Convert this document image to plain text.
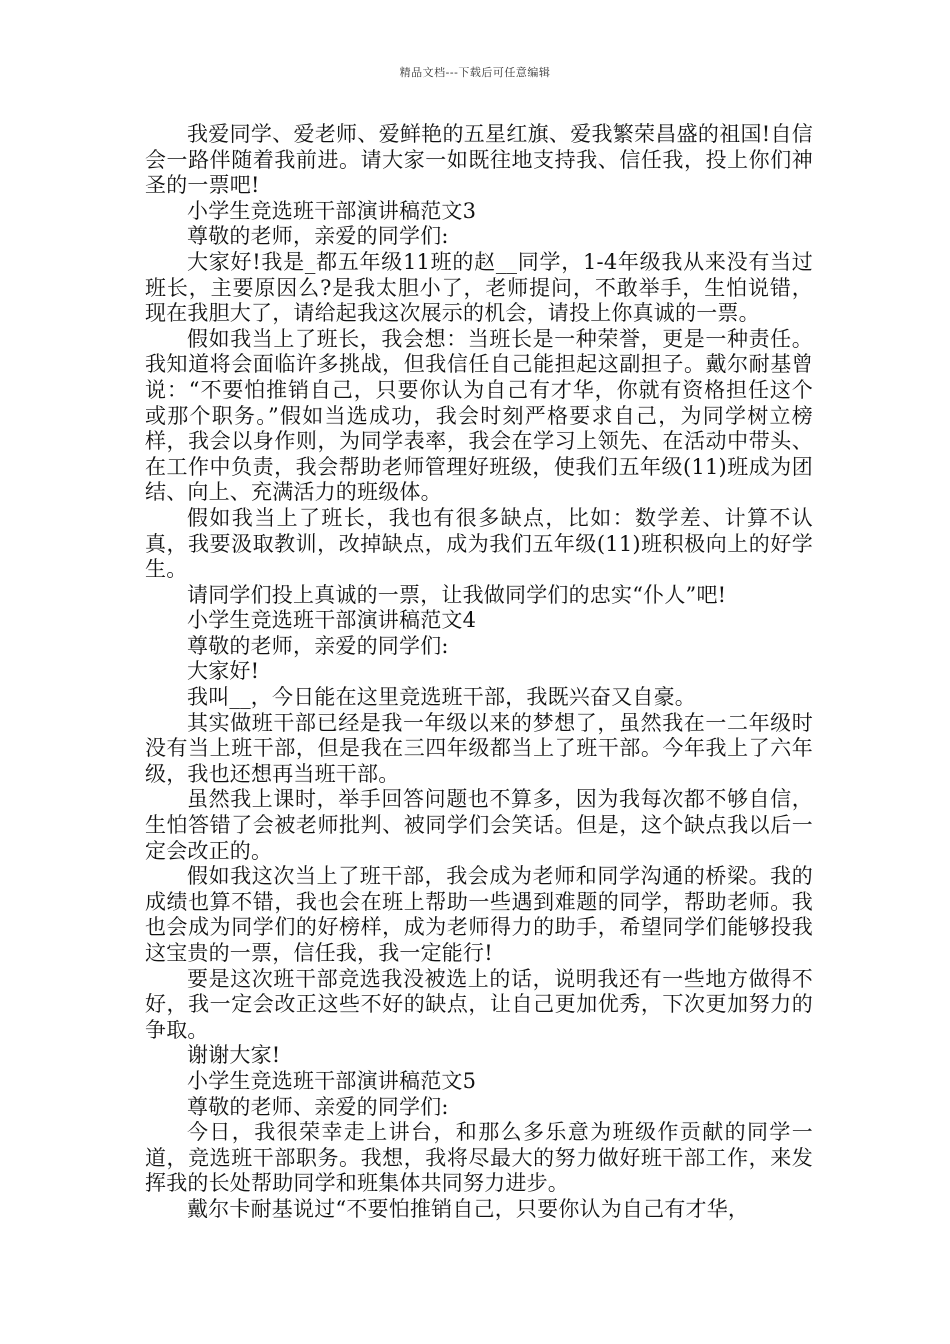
精品文档---下载后可任意编辑

我爱同学、爱老师、爱鲜艳的五星红旗、爱我繁荣昌盛的祖国!自信会一路伴随着我前进。请大家一如既往地支持我、信任我，投上你们神圣的一票吧!

小学生竞选班干部演讲稿范文3

尊敬的老师，亲爱的同学们:

大家好!我是_都五年级11班的赵__同学，1-4年级我从来没有当过班长，主要原因么?是我太胆小了，老师提问，不敢举手，生怕说错，现在我胆大了，请给起我这次展示的机会，请投上你真诚的一票。

假如我当上了班长，我会想：当班长是一种荣誉，更是一种责任。我知道将会面临许多挑战，但我信任自己能担起这副担子。戴尔耐基曾说：“不要怕推销自己，只要你认为自己有才华，你就有资格担任这个或那个职务。”假如当选成功，我会时刻严格要求自己，为同学树立榜样，我会以身作则，为同学表率，我会在学习上领先、在活动中带头、在工作中负责，我会帮助老师管理好班级，使我们五年级(11)班成为团结、向上、充满活力的班级体。

假如我当上了班长，我也有很多缺点，比如：数学差、计算不认真，我要汲取教训，改掉缺点，成为我们五年级(11)班积极向上的好学生。

请同学们投上真诚的一票，让我做同学们的忠实“仆人”吧!

小学生竞选班干部演讲稿范文4

尊敬的老师，亲爱的同学们:

大家好!

我叫__，今日能在这里竞选班干部，我既兴奋又自豪。

其实做班干部已经是我一年级以来的梦想了，虽然我在一二年级时没有当上班干部，但是我在三四年级都当上了班干部。今年我上了六年级，我也还想再当班干部。

虽然我上课时，举手回答问题也不算多，因为我每次都不够自信，生怕答错了会被老师批判、被同学们会笑话。但是，这个缺点我以后一定会改正的。

假如我这次当上了班干部，我会成为老师和同学沟通的桥梁。我的成绩也算不错，我也会在班上帮助一些遇到难题的同学，帮助老师。我也会成为同学们的好榜样，成为老师得力的助手，希望同学们能够投我这宝贵的一票，信任我，我一定能行!

要是这次班干部竞选我没被选上的话，说明我还有一些地方做得不好，我一定会改正这些不好的缺点，让自己更加优秀，下次更加努力的争取。

谢谢大家!

小学生竞选班干部演讲稿范文5

尊敬的老师、亲爱的同学们:

今日，我很荣幸走上讲台，和那么多乐意为班级作贡献的同学一道，竞选班干部职务。我想，我将尽最大的努力做好班干部工作，来发挥我的长处帮助同学和班集体共同努力进步。

戴尔卡耐基说过“不要怕推销自己，只要你认为自己有才华，
